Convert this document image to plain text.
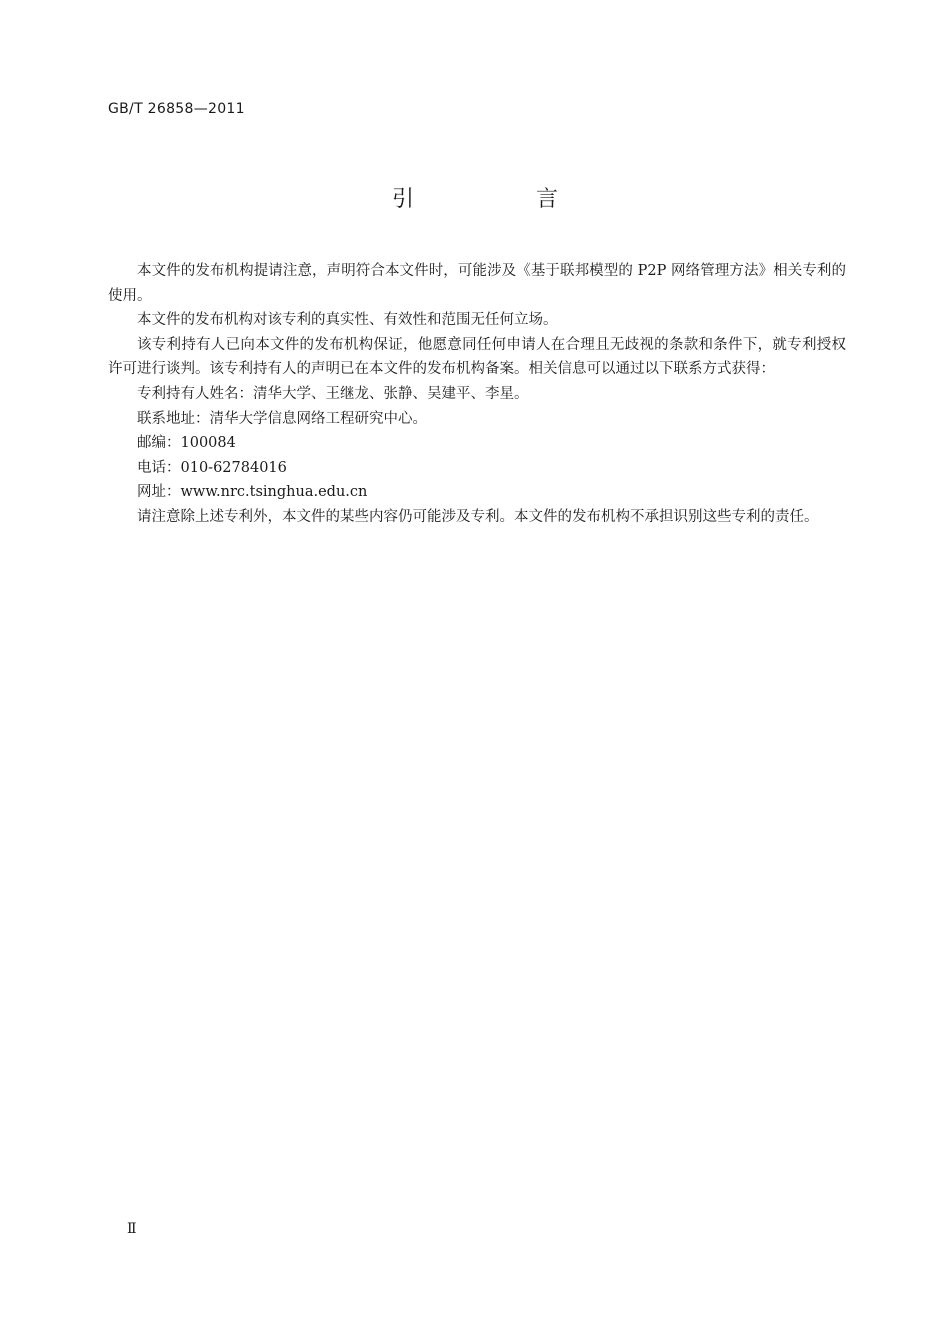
GB/T 26858—2011
引　言

本文件的发布机构提请注意，声明符合本文件时，可能涉及《基于联邦模型的 P2P 网络管理方法》相关专利的使用。

本文件的发布机构对该专利的真实性、有效性和范围无任何立场。

该专利持有人已向本文件的发布机构保证，他愿意同任何申请人在合理且无歧视的条款和条件下，就专利授权许可进行谈判。该专利持有人的声明已在本文件的发布机构备案。相关信息可以通过以下联系方式获得：

专利持有人姓名：清华大学、王继龙、张静、吴建平、李星。

联系地址：清华大学信息网络工程研究中心。

邮编：100084

电话：010-62784016

网址：www.nrc.tsinghua.edu.cn

请注意除上述专利外，本文件的某些内容仍可能涉及专利。本文件的发布机构不承担识别这些专利的责任。

Ⅱ
